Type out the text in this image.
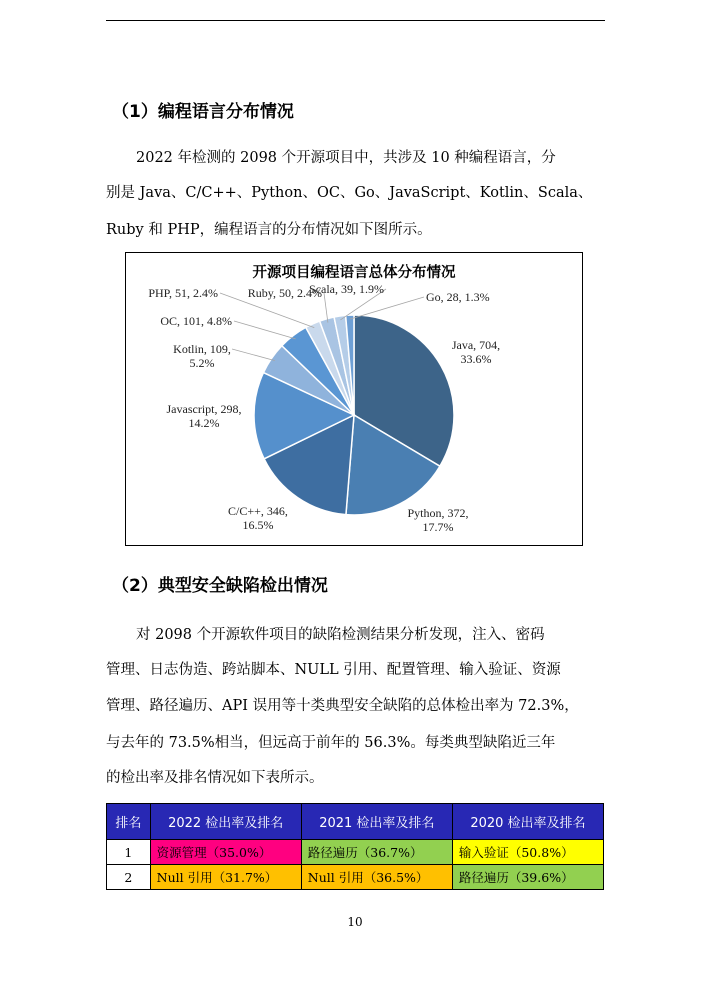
（1）编程语言分布情况
2022 年检测的 2098 个开源项目中，共涉及 10 种编程语言，分
别是 Java、C/C++、Python、OC、Go、JavaScript、Kotlin、Scala、
Ruby 和 PHP，编程语言的分布情况如下图所示。
开源项目编程语言总体分布情况
Java, 704, 33.6%
Python, 372, 17.7%
C/C++, 346, 16.5%
Javascript, 298, 14.2%
Kotlin, 109, 5.2%
OC, 101, 4.8%
PHP, 51, 2.4% Ruby, 50, 2.4%
Scala, 39, 1.9%
Go, 28, 1.3%
（2）典型安全缺陷检出情况
对 2098 个开源软件项目的缺陷检测结果分析发现，注入、密码
管理、日志伪造、跨站脚本、NULL 引用、配置管理、输入验证、资源
管理、路径遍历、API 误用等十类典型安全缺陷的总体检出率为 72.3%，
与去年的 73.5%相当，但远高于前年的 56.3%。每类典型缺陷近三年
的检出率及排名情况如下表所示。
排名	2022 检出率及排名	2021 检出率及排名	2020 检出率及排名
1	资源管理（35.0%）	路径遍历（36.7%）	输入验证（50.8%）
2	Null 引用（31.7%）	Null 引用（36.5%）	路径遍历（39.6%）
10
